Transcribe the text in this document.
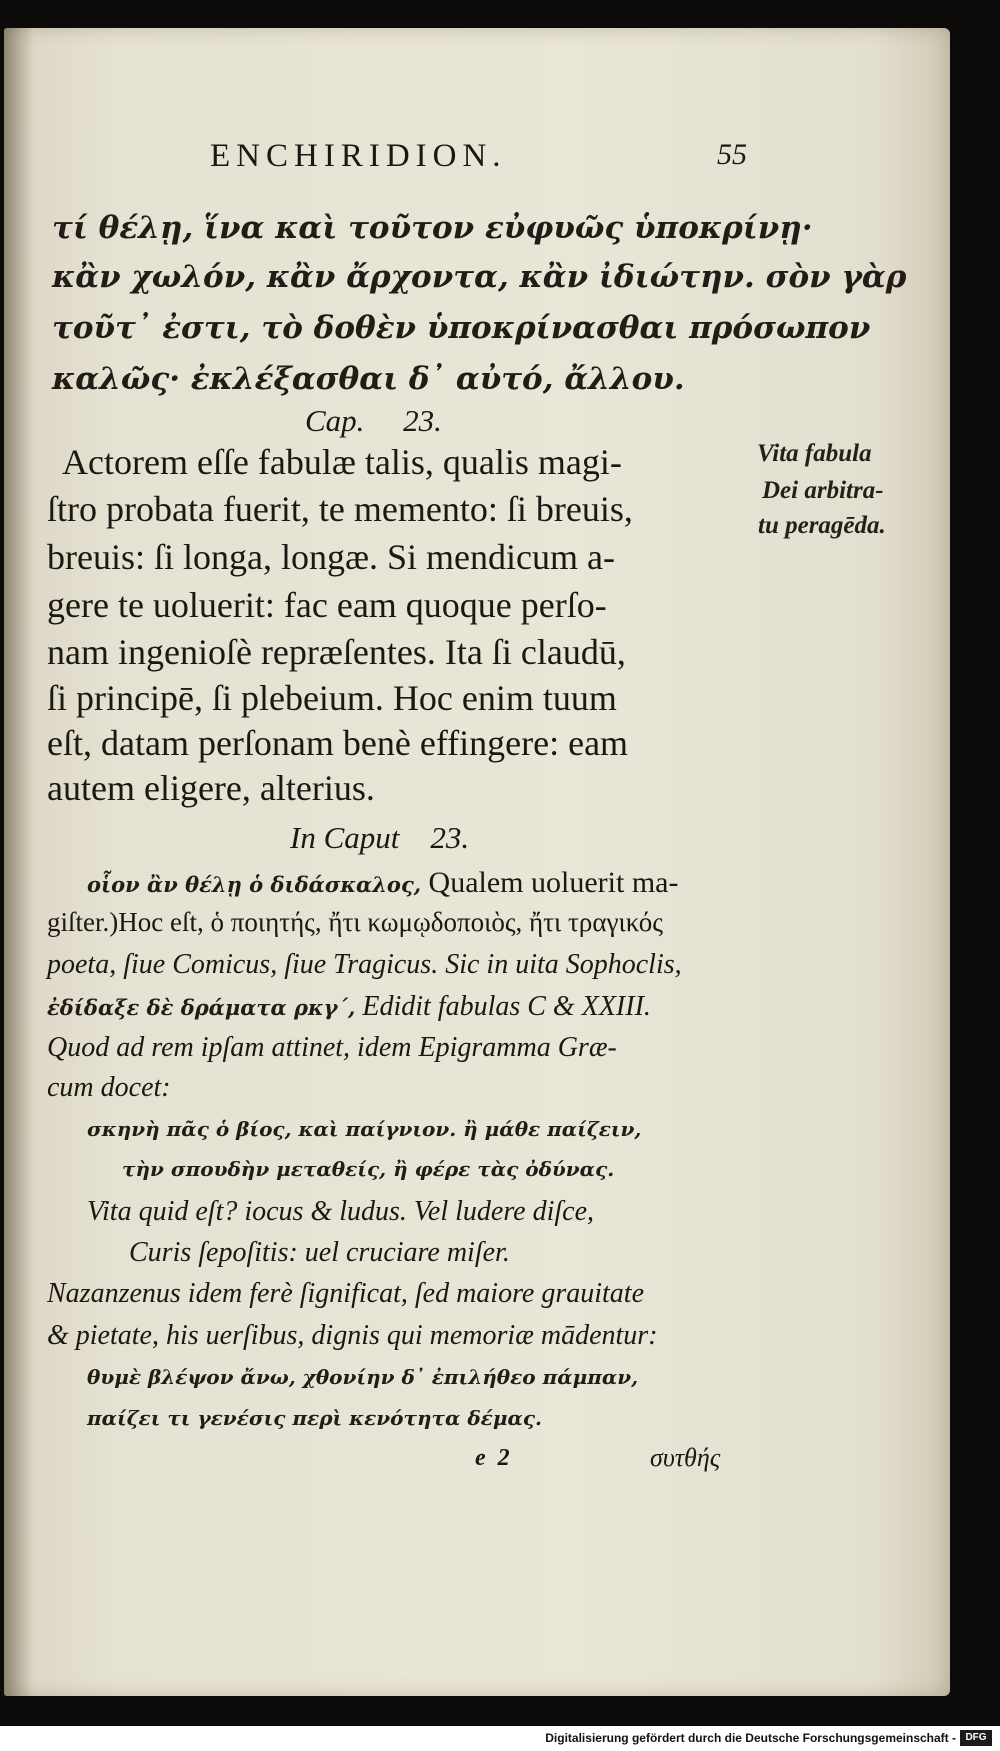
ENCHIRIDION.	55
τί θέλῃ, ἵνα καὶ τοῦτον εὐφυῶς ὑποκρίνῃ·
κἂν χωλόν, κἂν ἄρχοντα, κἂν ἰδιώτην. σὸν γὰρ
τοῦτ᾽ ἐστι, τὸ δοθὲν ὑποκρίνασθαι πρόσωπον
καλῶς· ἐκλέξασθαι δ᾽ αὐτό, ἄλλου.
Cap.     23.
Actorem eſſe fabulæ talis, qualis magi-
ſtro probata fuerit, te memento: ſi breuis,
breuis: ſi longa, longæ. Si mendicum a-
gere te uoluerit: fac eam quoque perſo-
nam ingenioſè repræſentes. Ita ſi claudū,
ſi principē, ſi plebeium. Hoc enim tuum
eſt, datam perſonam benè effingere: eam
autem eligere, alterius.
Vita fabula
Dei arbitra-
tu peragēda.
In Caput    23.
οἷον ἂν θέλῃ ὁ διδάσκαλος, Qualem uoluerit ma-
giſter.)Hoc eſt, ὁ ποιητής, ἤτι κωμῳδοποιὸς, ἤτι τραγικός
poeta, ſiue Comicus, ſiue Tragicus. Sic in uita Sophoclis,
ἐδίδαξε δὲ δράματα ρκγ´, Edidit fabulas C & XXIII.
Quod ad rem ipſam attinet, idem Epigramma Græ-
cum docet:
σκηνὴ πᾶς ὁ βίος, καὶ παίγνιον. ἢ μάθε παίζειν,
τὴν σπουδὴν μεταθείς, ἢ φέρε τὰς ὀδύνας.
Vita quid eſt? iocus & ludus. Vel ludere diſce,
Curis ſepoſitis: uel cruciare miſer.
Nazanzenus idem ferè ſignificat, ſed maiore grauitate
& pietate, his uerſibus, dignis qui memoriæ mādentur:
θυμὲ βλέψον ἄνω, χθονίην δ᾽ ἐπιλήθεο πάμπαν,
παίζει τι γενέσις περὶ κενότητα δέμας.
e  2	συτθής
Digitalisierung gefördert durch die Deutsche Forschungsgemeinschaft - DFG
